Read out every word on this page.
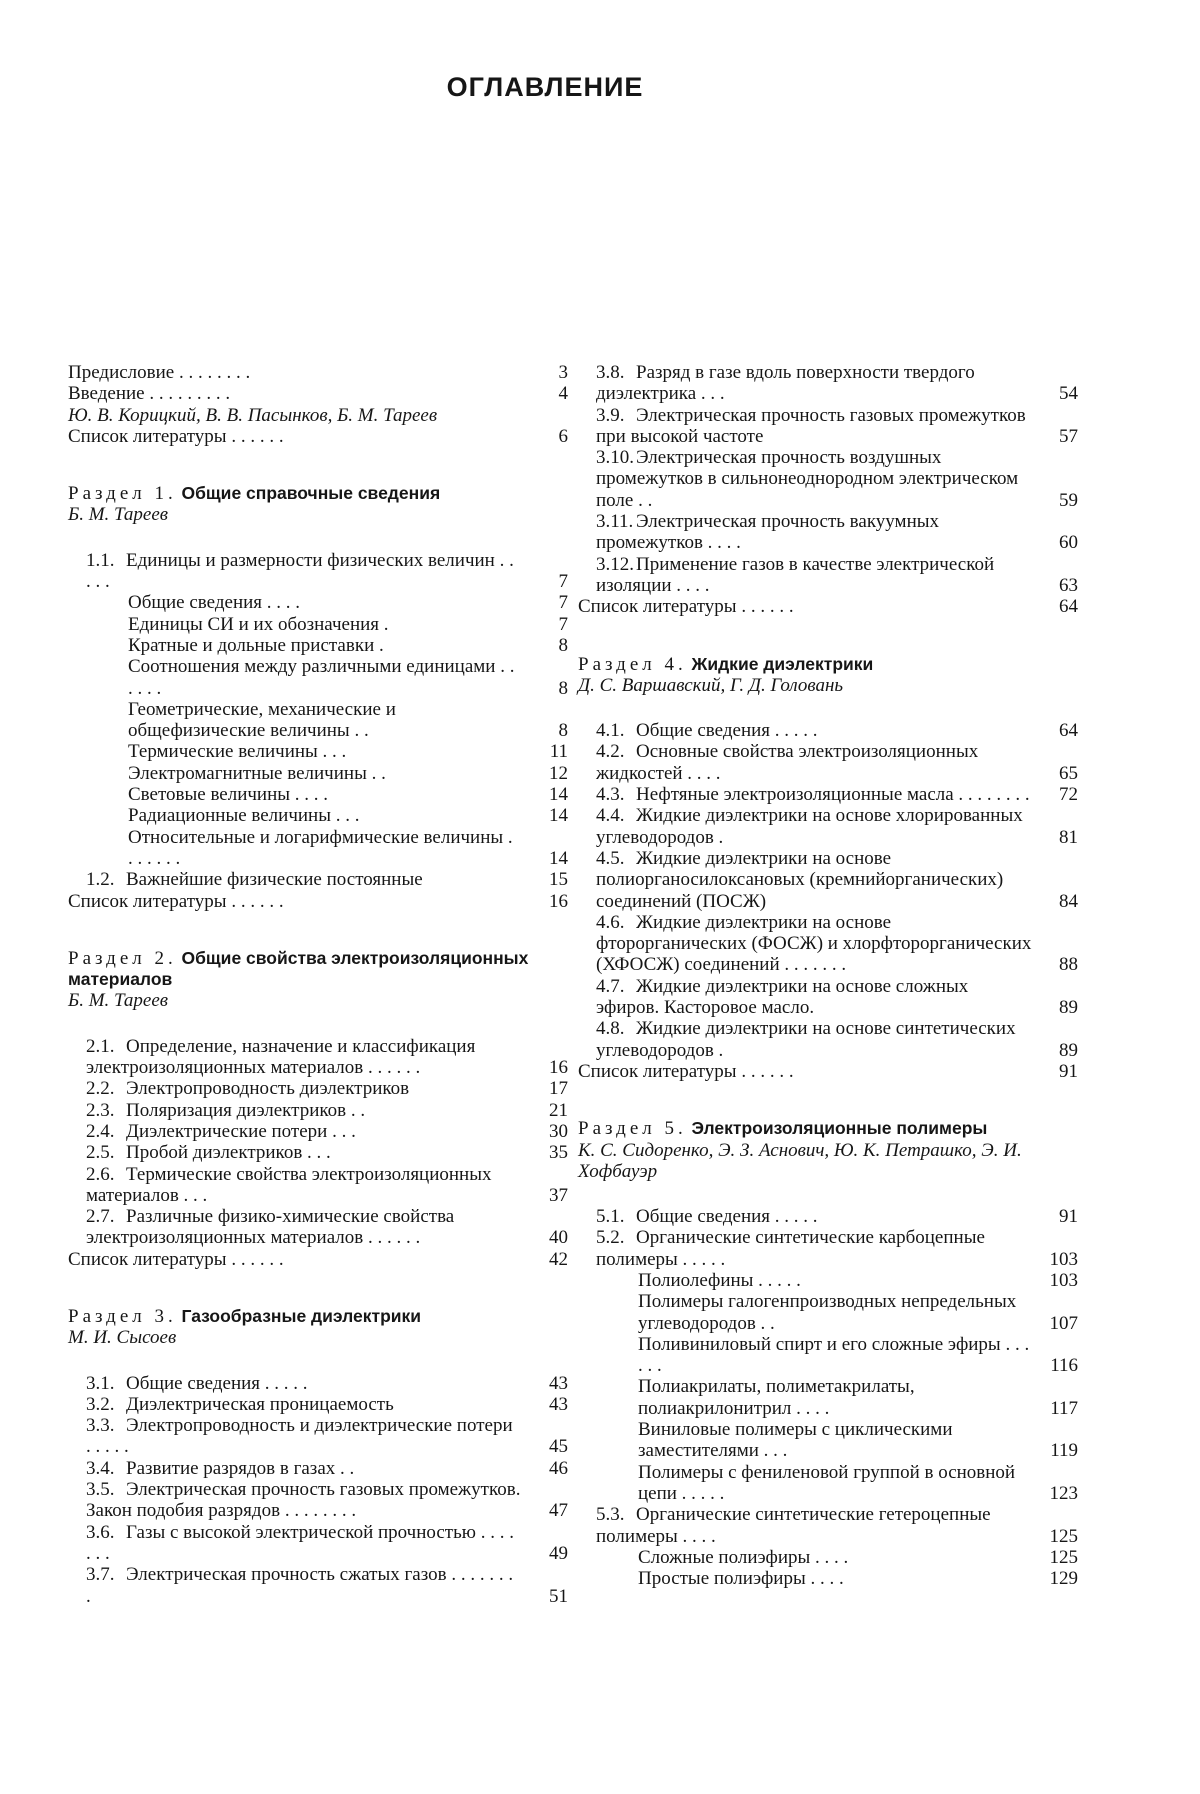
ОГЛАВЛЕНИЕ
Предисловие . . . . . . . .	3
Введение . . . . . . . . .	4
Ю. В. Корицкий, В. В. Пасынков, Б. М. Тареев
Список литературы . . . . . .	6
Раздел 1. Общие справочные сведения
Б. М. Тареев
1.1. Единицы и размерности физических величин . . . . .	7
Общие сведения . . . .	7
Единицы СИ и их обозначения .	7
Кратные и дольные приставки .	8
Соотношения между различными единицами . . . . . .	8
Геометрические, механические и общефизические величины . .	8
Термические величины . . .	11
Электромагнитные величины . .	12
Световые величины . . . .	14
Радиационные величины . . .	14
Относительные и логарифмические величины . . . . . . .	14
1.2. Важнейшие физические постоянные	15
Список литературы . . . . . .	16
Раздел 2. Общие свойства электроизоляционных материалов
Б. М. Тареев
2.1. Определение, назначение и классификация электроизоляционных материалов . . . . . .	16
2.2. Электропроводность диэлектриков	17
2.3. Поляризация диэлектриков . .	21
2.4. Диэлектрические потери . . .	30
2.5. Пробой диэлектриков . . .	35
2.6. Термические свойства электроизоляционных материалов . . .	37
2.7. Различные физико-химические свойства электроизоляционных материалов . . . . . .	40
Список литературы . . . . . .	42
Раздел 3. Газообразные диэлектрики
М. И. Сысоев
3.1. Общие сведения . . . . .	43
3.2. Диэлектрическая проницаемость	43
3.3. Электропроводность и диэлектрические потери . . . . .	45
3.4. Развитие разрядов в газах . .	46
3.5. Электрическая прочность газовых промежутков. Закон подобия разрядов . . . . . . . .	47
3.6. Газы с высокой электрической прочностью . . . . . . .	49
3.7. Электрическая прочность сжатых газов . . . . . . . .	51
3.8. Разряд в газе вдоль поверхности твердого диэлектрика . . .	54
3.9. Электрическая прочность газовых промежутков при высокой частоте	57
3.10. Электрическая прочность воздушных промежутков в сильнонеоднородном электрическом поле . .	59
3.11. Электрическая прочность вакуумных промежутков . . . .	60
3.12. Применение газов в качестве электрической изоляции . . . .	63
Список литературы . . . . . .	64
Раздел 4. Жидкие диэлектрики
Д. С. Варшавский, Г. Д. Головань
4.1. Общие сведения . . . . .	64
4.2. Основные свойства электроизоляционных жидкостей . . . .	65
4.3. Нефтяные электроизоляционные масла . . . . . . . .	72
4.4. Жидкие диэлектрики на основе хлорированных углеводородов .	81
4.5. Жидкие диэлектрики на основе полиорганосилоксановых (кремнийорганических) соединений (ПОСЖ)	84
4.6. Жидкие диэлектрики на основе фторорганических (ФОСЖ) и хлорфторорганических (ХФОСЖ) соединений . . . . . . .	88
4.7. Жидкие диэлектрики на основе сложных эфиров. Касторовое масло.	89
4.8. Жидкие диэлектрики на основе синтетических углеводородов .	89
Список литературы . . . . . .	91
Раздел 5. Электроизоляционные полимеры
К. С. Сидоренко, Э. З. Аснович, Ю. К. Петрашко, Э. И. Хофбауэр
5.1. Общие сведения . . . . .	91
5.2. Органические синтетические карбоцепные полимеры . . . . .	103
Полиолефины . . . . .	103
Полимеры галогенпроизводных непредельных углеводородов . .	107
Поливиниловый спирт и его сложные эфиры . . . . . .	116
Полиакрилаты, полиметакрилаты, полиакрилонитрил . . . .	117
Виниловые полимеры с циклическими заместителями . . .	119
Полимеры с фениленовой группой в основной цепи . . . . .	123
5.3. Органические синтетические гетероцепные полимеры . . . .	125
Сложные полиэфиры . . . .	125
Простые полиэфиры . . . .	129
